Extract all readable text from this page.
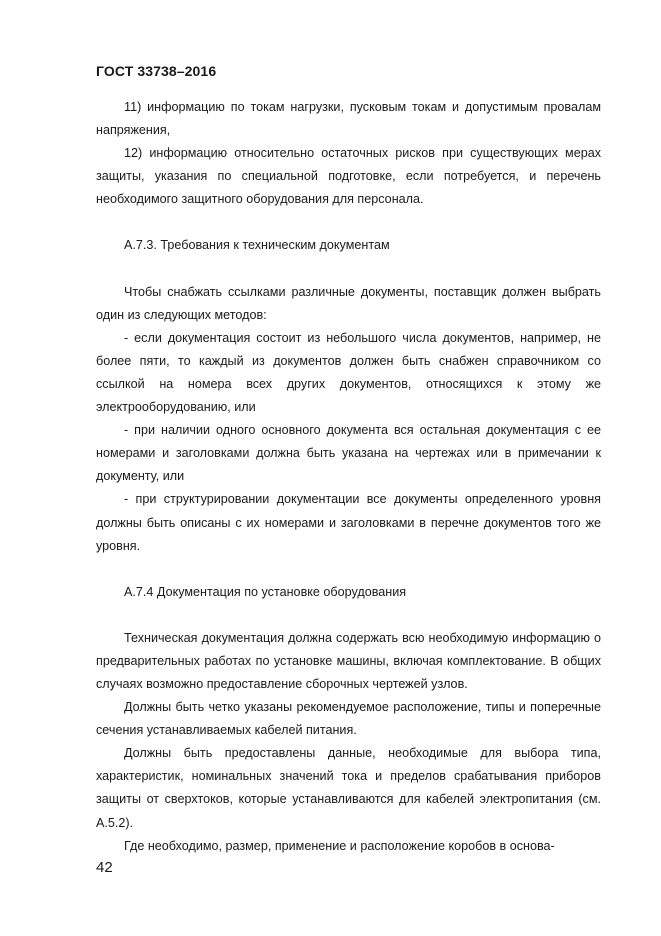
ГОСТ 33738–2016

11) информацию по токам нагрузки, пусковым токам и допустимым провалам напряжения,

12) информацию относительно остаточных рисков при существующих мерах защиты, указания по специальной подготовке, если потребуется, и перечень необходимого защитного оборудования для персонала.

А.7.3. Требования к техническим документам

Чтобы снабжать ссылками различные документы, поставщик должен выбрать один из следующих методов:

- если документация состоит из небольшого числа документов, например, не более пяти, то каждый из документов должен быть снабжен справочником со ссылкой на номера всех других документов, относящихся к этому же электрооборудованию, или

- при наличии одного основного документа вся остальная документация с ее номерами и заголовками должна быть указана на чертежах или в примечании к документу, или

- при структурировании документации все документы определенного уровня должны быть описаны с их номерами и заголовками в перечне документов того же уровня.

А.7.4 Документация по установке оборудования

Техническая документация должна содержать всю необходимую информацию о предварительных работах по установке машины, включая комплектование. В общих случаях возможно предоставление сборочных чертежей узлов.

Должны быть четко указаны рекомендуемое расположение, типы и поперечные сечения устанавливаемых кабелей питания.

Должны быть предоставлены данные, необходимые для выбора типа, характеристик, номинальных значений тока и пределов срабатывания приборов защиты от сверхтоков, которые устанавливаются для кабелей электропитания (см. А.5.2).

Где необходимо, размер, применение и расположение коробов в основа-

42
